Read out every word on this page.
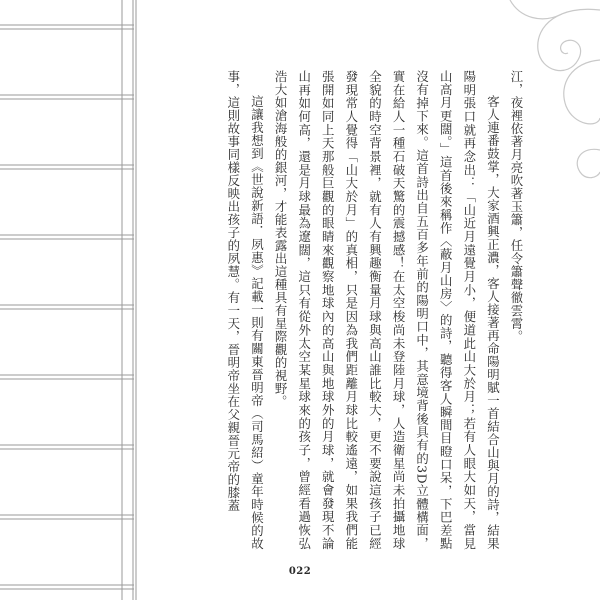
江，夜裡依著月亮吹著玉簫，任令簫聲徹雲霄。

客人連番鼓掌，大家酒興正濃，客人接著再命陽明賦一首結合山與月的詩，結果陽明張口就再念出：「山近月遠覺月小，便道此山大於月；若有人眼大如天，當見山高月更闊。」這首後來稱作〈蔽月山房〉的詩，聽得客人瞬間目瞪口呆，下巴差點沒有掉下來。這首詩出自五百多年前的陽明口中，其意境背後具有的3D立體構面，實在給人一種石破天驚的震撼感！在太空梭尚未登陸月球，人造衛星尚未拍攝地球全貌的時空背景裡，就有人有興趣衡量月球與高山誰比較大，更不要說這孩子已經發現常人覺得「山大於月」的真相，只是因為我們距離月球比較遙遠，如果我們能張開如同上天那般巨觀的眼睛來觀察地球內的高山與地球外的月球，就會發現不論山再如何高，還是月球最為遼闊，這只有從外太空某星球來的孩子，曾經看過恢弘浩大如滄海般的銀河，才能表露出這種具有星際觀的視野。

這讓我想到《世說新語．夙惠》記載一則有關東晉明帝（司馬紹）童年時候的故事，這則故事同樣反映出孩子的夙慧。有一天，晉明帝坐在父親晉元帝的膝蓋

022
